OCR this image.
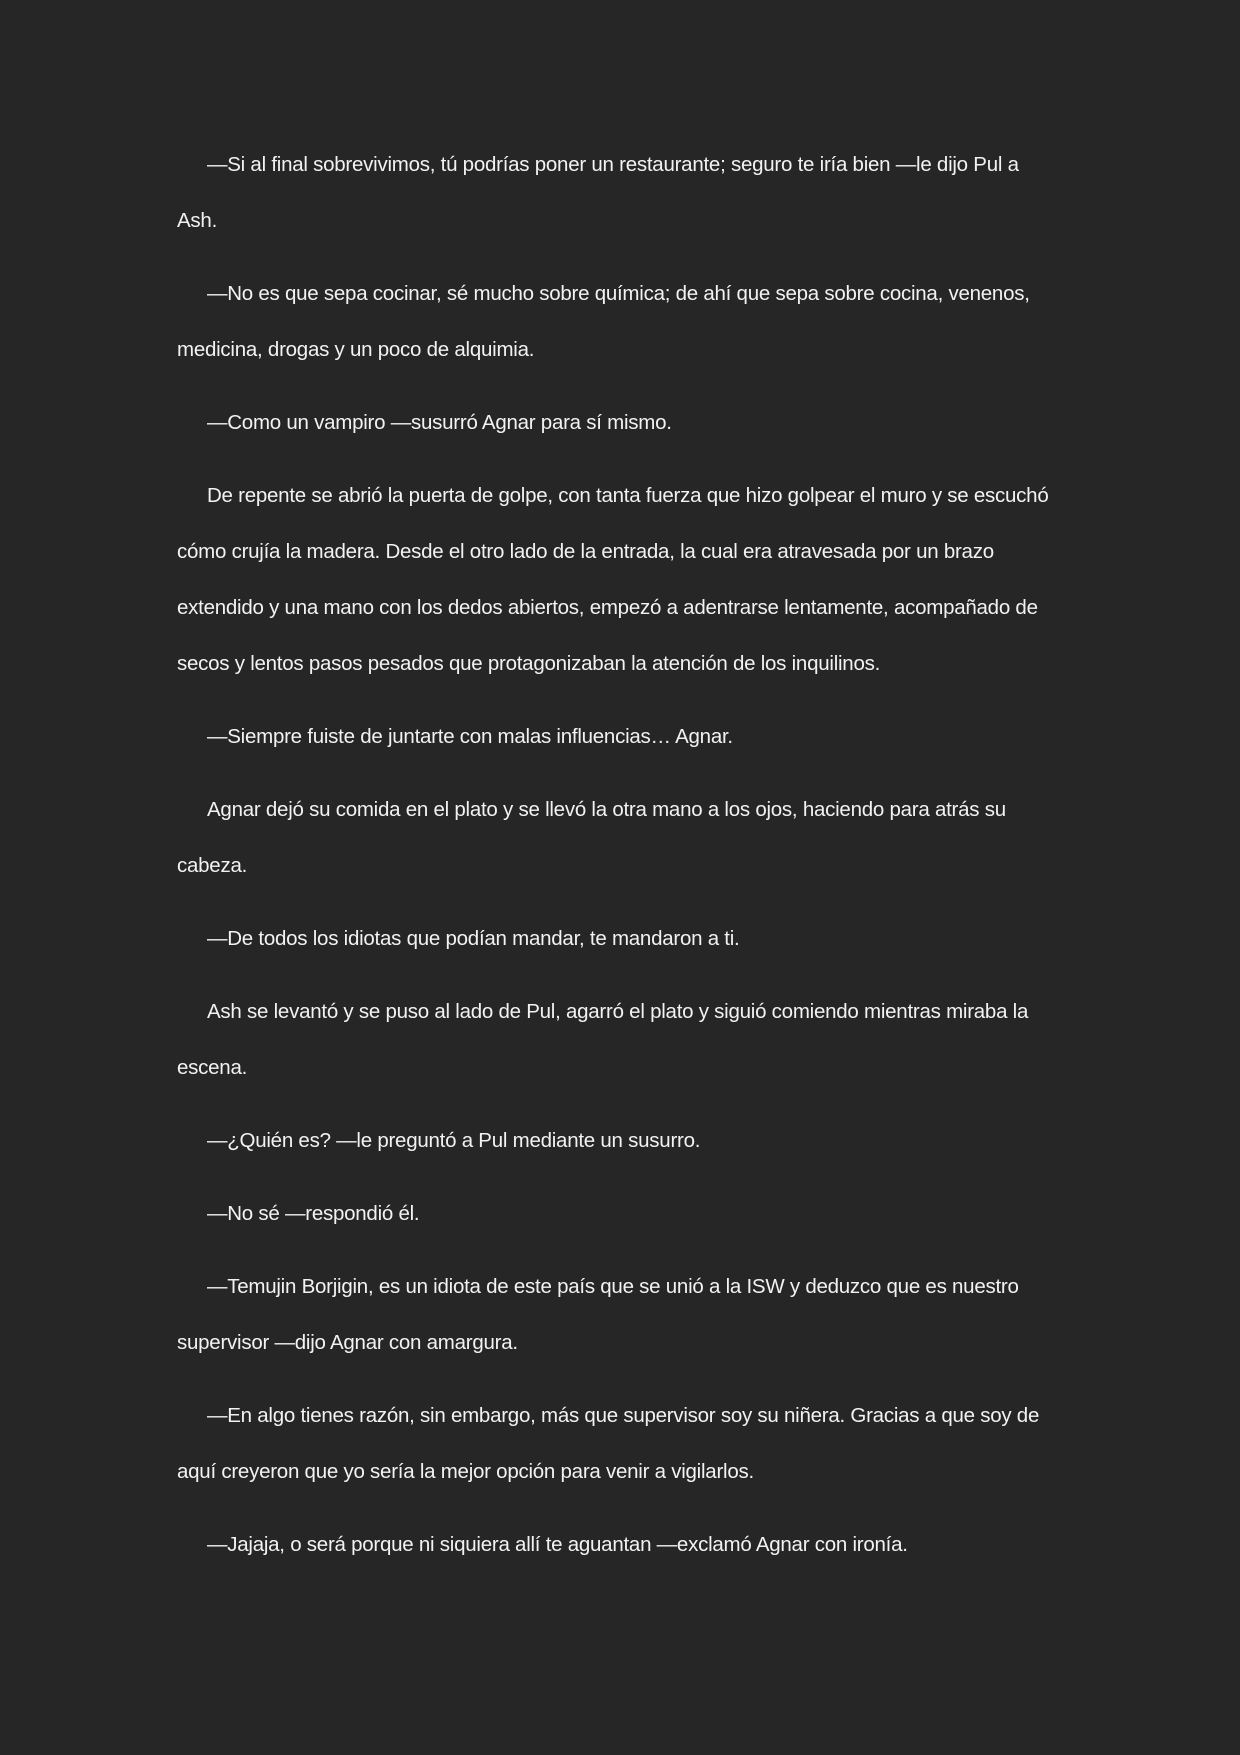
—Si al final sobrevivimos, tú podrías poner un restaurante; seguro te iría bien —le dijo Pul a Ash.

—No es que sepa cocinar, sé mucho sobre química; de ahí que sepa sobre cocina, venenos, medicina, drogas y un poco de alquimia.

—Como un vampiro —susurró Agnar para sí mismo.

De repente se abrió la puerta de golpe, con tanta fuerza que hizo golpear el muro y se escuchó cómo crujía la madera. Desde el otro lado de la entrada, la cual era atravesada por un brazo extendido y una mano con los dedos abiertos, empezó a adentrarse lentamente, acompañado de secos y lentos pasos pesados que protagonizaban la atención de los inquilinos.

—Siempre fuiste de juntarte con malas influencias… Agnar.

Agnar dejó su comida en el plato y se llevó la otra mano a los ojos, haciendo para atrás su cabeza.

—De todos los idiotas que podían mandar, te mandaron a ti.

Ash se levantó y se puso al lado de Pul, agarró el plato y siguió comiendo mientras miraba la escena.

—¿Quién es? —le preguntó a Pul mediante un susurro.

—No sé —respondió él.

—Temujin Borjigin, es un idiota de este país que se unió a la ISW y deduzco que es nuestro supervisor —dijo Agnar con amargura.

—En algo tienes razón, sin embargo, más que supervisor soy su niñera. Gracias a que soy de aquí creyeron que yo sería la mejor opción para venir a vigilarlos.

—Jajaja, o será porque ni siquiera allí te aguantan —exclamó Agnar con ironía.
